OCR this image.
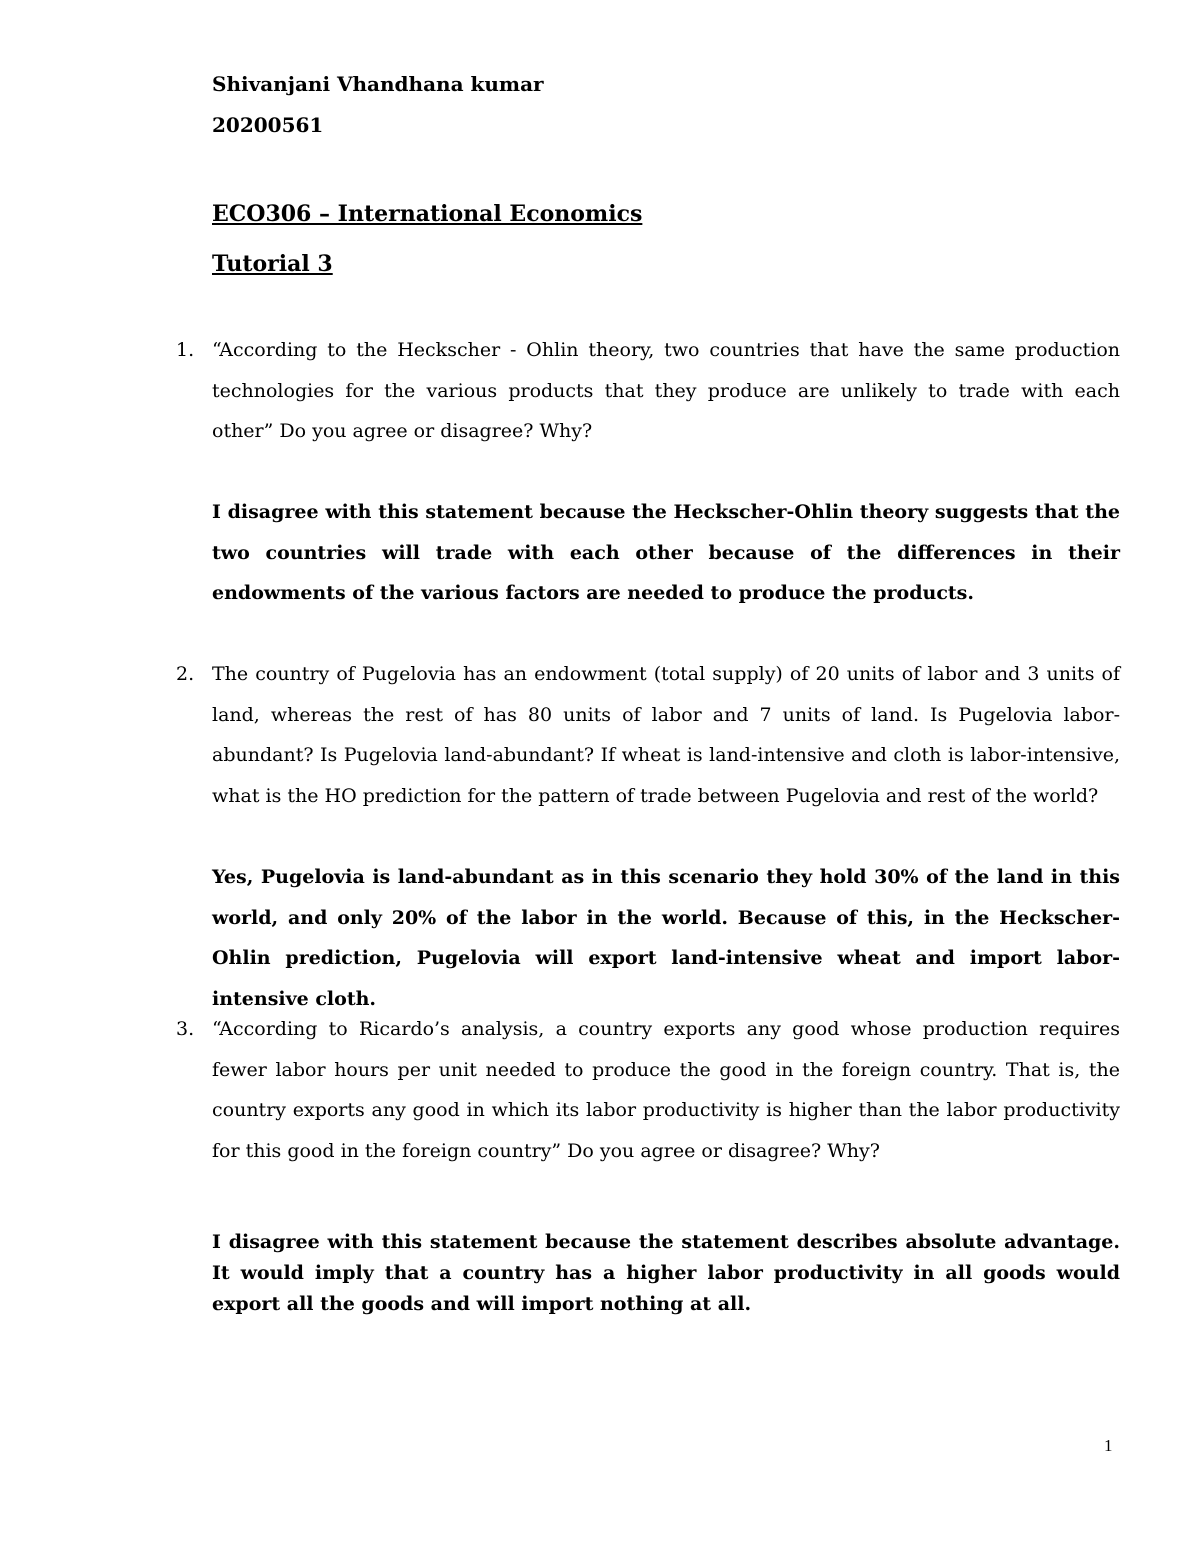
Shivanjani Vhandhana kumar
20200561
ECO306 – International Economics
Tutorial 3
1. “According to the Heckscher - Ohlin theory, two countries that have the same production technologies for the various products that they produce are unlikely to trade with each other” Do you agree or disagree? Why?
I disagree with this statement because the Heckscher-Ohlin theory suggests that the two countries will trade with each other because of the differences in their endowments of the various factors are needed to produce the products.
2. The country of Pugelovia has an endowment (total supply) of 20 units of labor and 3 units of land, whereas the rest of has 80 units of labor and 7 units of land. Is Pugelovia labor-abundant? Is Pugelovia land-abundant? If wheat is land-intensive and cloth is labor-intensive, what is the HO prediction for the pattern of trade between Pugelovia and rest of the world?
Yes, Pugelovia is land-abundant as in this scenario they hold 30% of the land in this world, and only 20% of the labor in the world. Because of this, in the Heckscher-Ohlin prediction, Pugelovia will export land-intensive wheat and import labor-intensive cloth.
3. “According to Ricardo’s analysis, a country exports any good whose production requires fewer labor hours per unit needed to produce the good in the foreign country. That is, the country exports any good in which its labor productivity is higher than the labor productivity for this good in the foreign country” Do you agree or disagree? Why?
I disagree with this statement because the statement describes absolute advantage. It would imply that a country has a higher labor productivity in all goods would export all the goods and will import nothing at all.
1
